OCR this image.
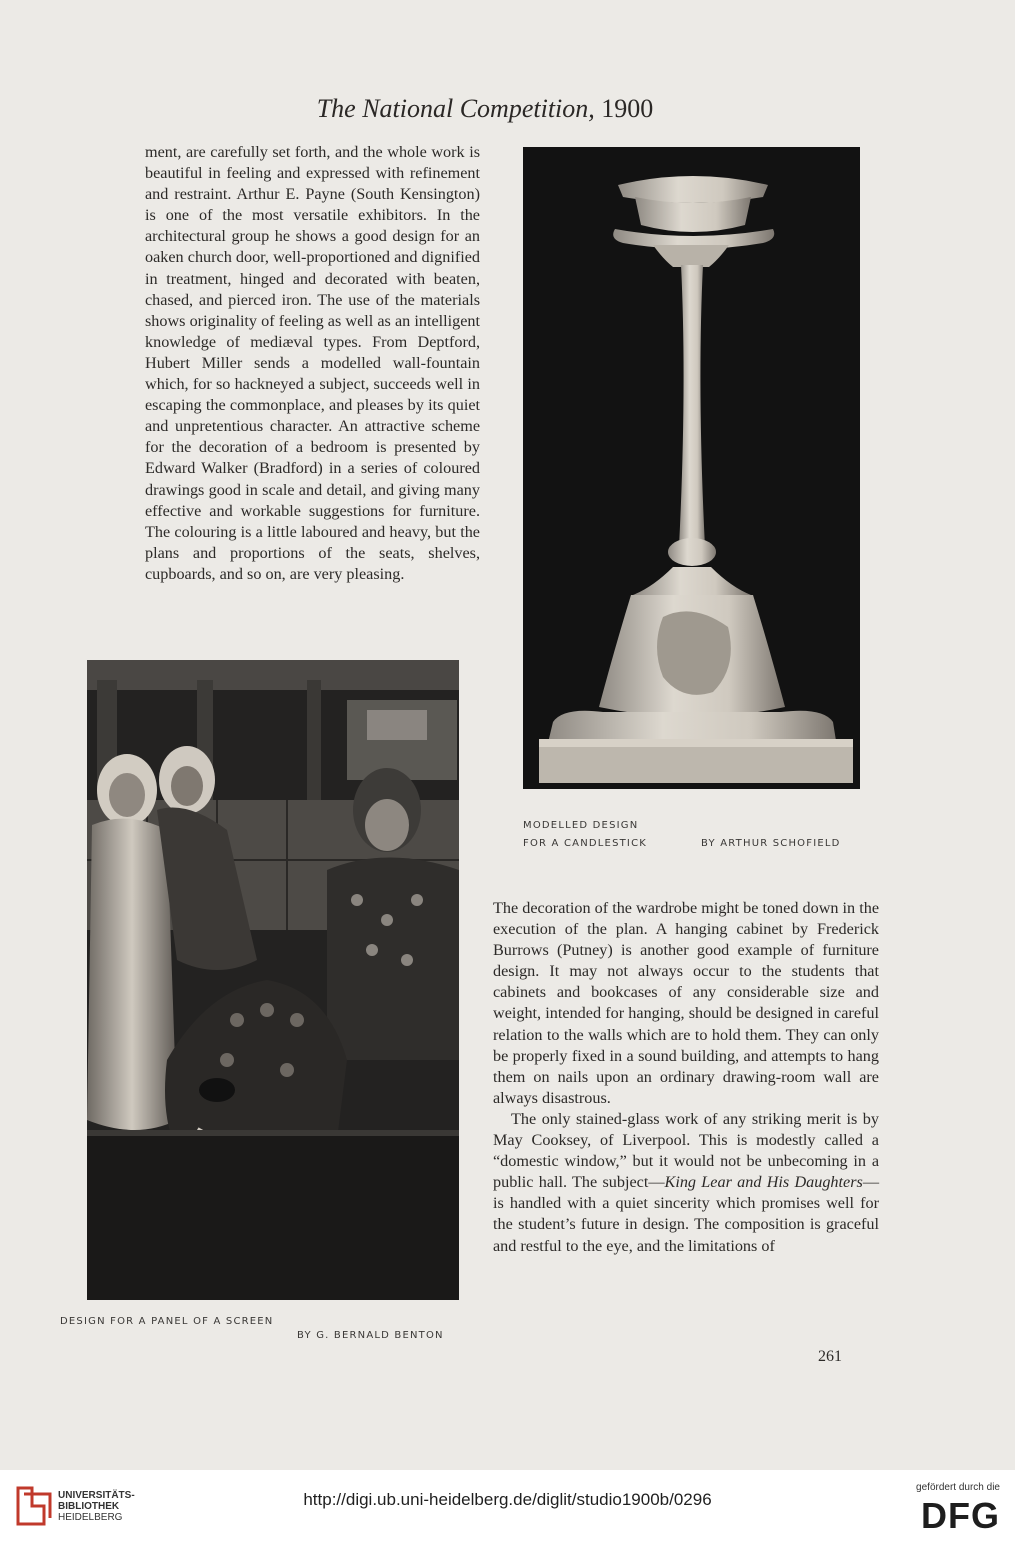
The National Competition, 1900

ment, are carefully set forth, and the whole work is beautiful in feeling and expressed with refinement and restraint. Arthur E. Payne (South Kensington) is one of the most versatile exhibitors. In the architectural group he shows a good design for an oaken church door, well-proportioned and dignified in treatment, hinged and decorated with beaten, chased, and pierced iron. The use of the materials shows originality of feeling as well as an intelligent knowledge of mediæval types. From Deptford, Hubert Miller sends a modelled wall-fountain which, for so hackneyed a subject, succeeds well in escaping the commonplace, and pleases by its quiet and unpretentious character. An attractive scheme for the decoration of a bedroom is presented by Edward Walker (Bradford) in a series of coloured drawings good in scale and detail, and giving many effective and workable suggestions for furniture. The colouring is a little laboured and heavy, but the plans and proportions of the seats, shelves, cupboards, and so on, are very pleasing.

MODELLED DESIGN
FOR A CANDLESTICK	BY ARTHUR SCHOFIELD
DESIGN FOR A PANEL OF A SCREEN
BY G. BERNALD BENTON

The decoration of the wardrobe might be toned down in the execution of the plan. A hanging cabinet by Frederick Burrows (Putney) is another good example of furniture design. It may not always occur to the students that cabinets and bookcases of any considerable size and weight, intended for hanging, should be designed in careful relation to the walls which are to hold them. They can only be properly fixed in a sound building, and attempts to hang them on nails upon an ordinary drawing-room wall are always disastrous.

The only stained-glass work of any striking merit is by May Cooksey, of Liverpool. This is modestly called a “domestic window,” but it would not be unbecoming in a public hall. The subject—King Lear and His Daughters—is handled with a quiet sincerity which promises well for the student’s future in design. The composition is graceful and restful to the eye, and the limitations of

261
UNIVERSITÄTS-
BIBLIOTHEK
HEIDELBERG
http://digi.ub.uni-heidelberg.de/diglit/studio1900b/0296
gefördert durch die
DFG
